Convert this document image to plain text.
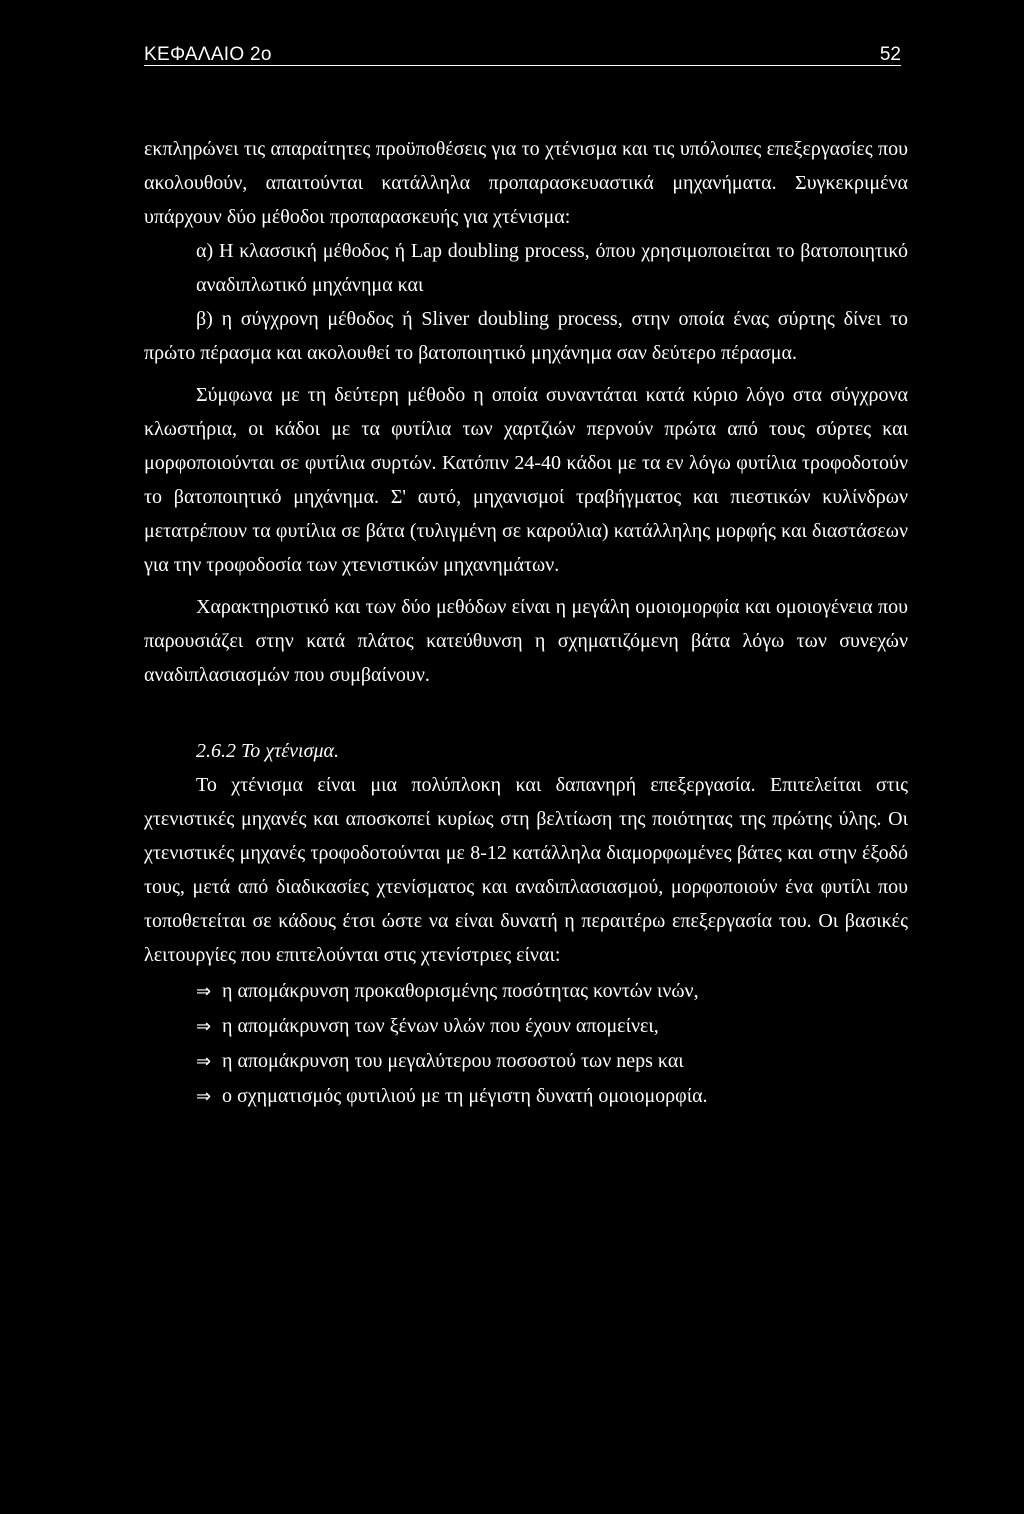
ΚΕΦΑΛΑΙΟ 2ο	52

εκπληρώνει τις απαραίτητες προϋποθέσεις για το χτένισμα και τις υπόλοιπες επεξεργασίες που ακολουθούν, απαιτούνται κατάλληλα προπαρασκευαστικά μηχανήματα. Συγκεκριμένα υπάρχουν δύο μέθοδοι προπαρασκευής για χτένισμα:

α) Η κλασσική μέθοδος ή Lap doubling process, όπου χρησιμοποιείται το βατοποιητικό αναδιπλωτικό μηχάνημα και

β) η σύγχρονη μέθοδος ή Sliver doubling process, στην οποία ένας σύρτης δίνει το πρώτο πέρασμα και ακολουθεί το βατοποιητικό μηχάνημα σαν δεύτερο πέρασμα.

Σύμφωνα με τη δεύτερη μέθοδο η οποία συναντάται κατά κύριο λόγο στα σύγχρονα κλωστήρια, οι κάδοι με τα φυτίλια των χαρτζιών περνούν πρώτα από τους σύρτες και μορφοποιούνται σε φυτίλια συρτών. Κατόπιν 24-40 κάδοι με τα εν λόγω φυτίλια τροφοδοτούν το βατοποιητικό μηχάνημα. Σ' αυτό, μηχανισμοί τραβήγματος και πιεστικών κυλίνδρων μετατρέπουν τα φυτίλια σε βάτα (τυλιγμένη σε καρούλια) κατάλληλης μορφής και διαστάσεων για την τροφοδοσία των χτενιστικών μηχανημάτων.

Χαρακτηριστικό και των δύο μεθόδων είναι η μεγάλη ομοιομορφία και ομοιογένεια που παρουσιάζει στην κατά πλάτος κατεύθυνση η σχηματιζόμενη βάτα λόγω των συνεχών αναδιπλασιασμών που συμβαίνουν.

2.6.2 Το χτένισμα.

Το χτένισμα είναι μια πολύπλοκη και δαπανηρή επεξεργασία. Επιτελείται στις χτενιστικές μηχανές και αποσκοπεί κυρίως στη βελτίωση της ποιότητας της πρώτης ύλης. Οι χτενιστικές μηχανές τροφοδοτούνται με 8-12 κατάλληλα διαμορφωμένες βάτες και στην έξοδό τους, μετά από διαδικασίες χτενίσματος και αναδιπλασιασμού, μορφοποιούν ένα φυτίλι που τοποθετείται σε κάδους έτσι ώστε να είναι δυνατή η περαιτέρω επεξεργασία του. Οι βασικές λειτουργίες που επιτελούνται στις χτενίστριες είναι:

⇒ η απομάκρυνση προκαθορισμένης ποσότητας κοντών ινών,
⇒ η απομάκρυνση των ξένων υλών που έχουν απομείνει,
⇒ η απομάκρυνση του μεγαλύτερου ποσοστού των neps και
⇒ ο σχηματισμός φυτιλιού με τη μέγιστη δυνατή ομοιομορφία.
